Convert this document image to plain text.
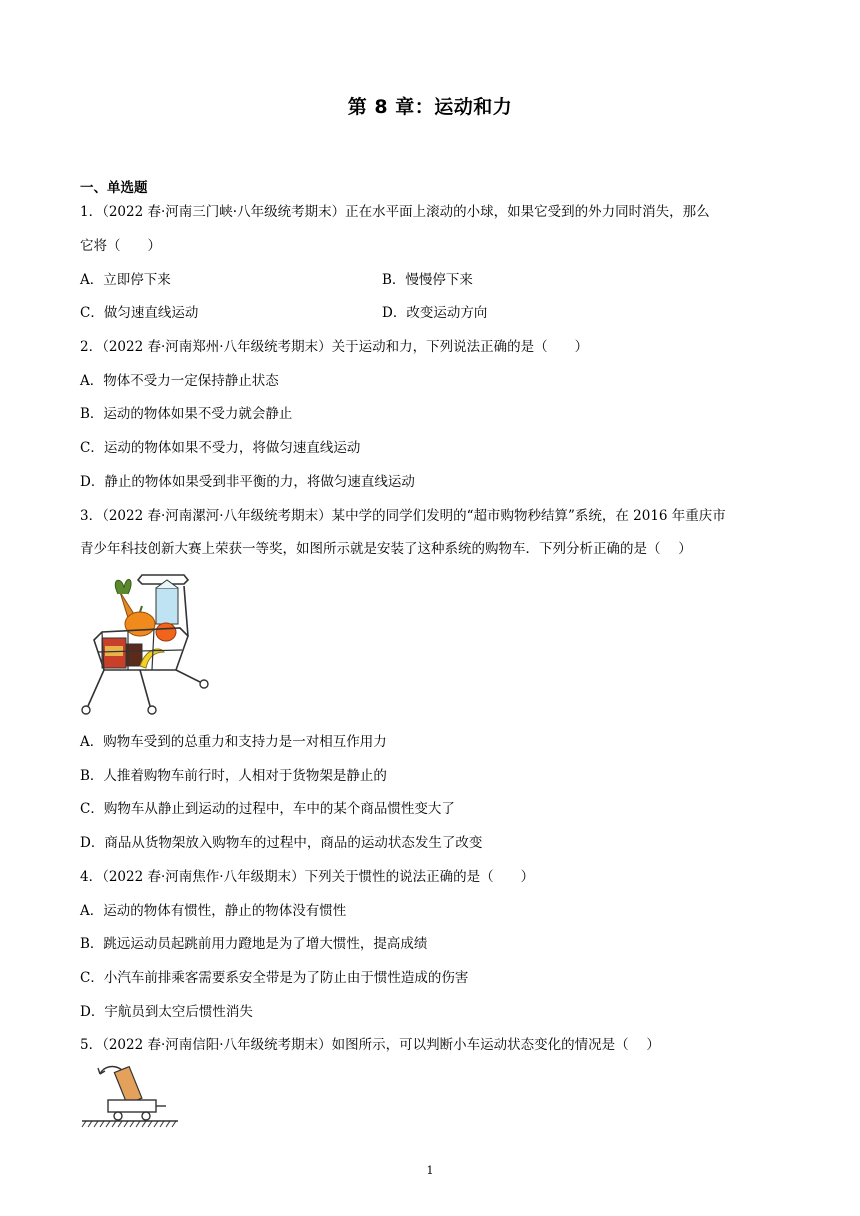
第 8 章：运动和力
一、单选题
1．（2022 春·河南三门峡·八年级统考期末）正在水平面上滚动的小球，如果它受到的外力同时消失，那么
它将（　　）
A．立即停下来	B．慢慢停下来
C．做匀速直线运动	D．改变运动方向
2．（2022 春·河南郑州·八年级统考期末）关于运动和力，下列说法正确的是（　　）
A．物体不受力一定保持静止状态
B．运动的物体如果不受力就会静止
C．运动的物体如果不受力，将做匀速直线运动
D．静止的物体如果受到非平衡的力，将做匀速直线运动
3．（2022 春·河南漯河·八年级统考期末）某中学的同学们发明的“超市购物秒结算”系统，在 2016 年重庆市
青少年科技创新大赛上荣获一等奖，如图所示就是安装了这种系统的购物车．下列分析正确的是（　 ）
A．购物车受到的总重力和支持力是一对相互作用力
B．人推着购物车前行时，人相对于货物架是静止的
C．购物车从静止到运动的过程中，车中的某个商品惯性变大了
D．商品从货物架放入购物车的过程中，商品的运动状态发生了改变
4．（2022 春·河南焦作·八年级期末）下列关于惯性的说法正确的是（　　）
A．运动的物体有惯性，静止的物体没有惯性
B．跳远运动员起跳前用力蹬地是为了增大惯性，提高成绩
C．小汽车前排乘客需要系安全带是为了防止由于惯性造成的伤害
D．宇航员到太空后惯性消失
5．（2022 春·河南信阳·八年级统考期末）如图所示，可以判断小车运动状态变化的情况是（　 ）
1
